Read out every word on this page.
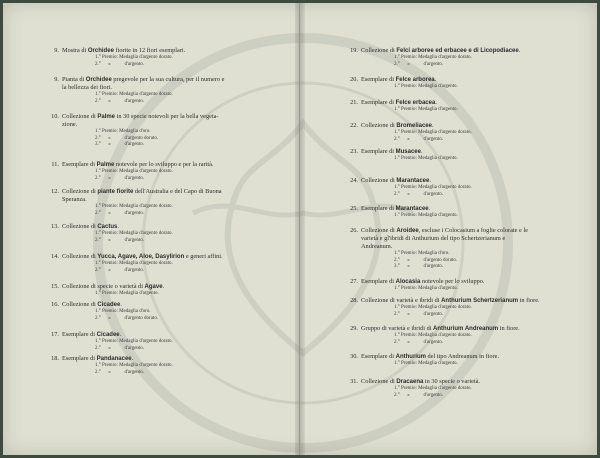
9. Mostra di Orchidee fiorite in 12 fiori esemplari.
1.° Premio: Medaglia d'argento dorato.
2.°      »           d'argento.
9. Pianta di Orchidee pregevole per la sua cultura, per il numero e
la bellezza dei fiori.
1.° Premio: Medaglia d'argento dorato.
2.°      »           d'argento.
10. Collezione di Palme in 30 specie notevoli per la bella vegeta-
zione.
1.° Premio: Medaglia d'oro.
2.°      »           d'argento dorato.
3.°      »           d'argento.
11. Esemplare di Palme notevole per lo sviluppo e per la rarità.
1.° Premio: Medaglia d'argento dorato.
2.°      »           d'argento.
12. Collezione di piante fiorite dell'Australia e del Capo di Buona
Speranza.
1.° Premio: Medaglia d'argento dorato.
2.°      »           d'argento.
13. Collezione di Cactus.
1.° Premio: Medaglia d'argento dorato.
2.°      »           d'argento.
14. Collezione di Yucca, Agave, Aloe, Dasylirion e generi affini.
1.° Premio: Medaglia d'argento dorato.
2.°      »           d'argento.
15. Collezione di specie o varietà di Agave.
1.° Premio: Medaglia d'argento.
16. Collezione di Cicadee.
1.° Premio: Medaglia d'oro.
2.°      »           d'argento dorato.
17. Esemplare di Cicadee.
1.° Premio: Medaglia d'argento dorato.
2.°      »           d'argento.
18. Esemplare di Pandanacee.
1.° Premio: Medaglia d'argento dorato.
2.°      »           d'argento.
19. Collezione di Felci arboree ed erbacee e di Licopodiacee.
1.° Premio: Medaglia d'argento dorato.
2.°      »           d'argento.
20. Esemplare di Felce arborea.
1.° Premio: Medaglia d'argento.
21. Esemplare di Felce erbacea.
1.° Premio: Medaglia d'argento.
22. Collezione di Bromeliacee.
1.° Premio: Medaglia d'argento dorato.
2.°      »           d'argento.
23. Esemplare di Musacee.
1.° Premio: Medaglia d'argento.
24. Collezione di Marantacee.
1.° Premio: Medaglia d'argento dorato.
2.°      »           d'argento.
25. Esemplare di Marantacee.
1.° Premio: Medaglia d'argento.
26. Collezione di Aroidee, escluse i Colocasium a foglie colorate e le
varietà e gl'ibridi di Anthurium del tipo Schertzerianum e
Andreanum.
1.° Premio: Medaglia d'oro.
2.°      »           d'argento dorato.
3.°      »           d'argento.
27. Esemplare di Alocasia notevole per lo sviluppo.
1.° Premio: Medaglia d'argento.
28. Collezione di varietà e ibridi di Anthurium Schertzerianum in fiore.
1.° Premio: Medaglia d'argento dorato.
2.°      »           d'argento.
29. Gruppo di varietà e ibridi di Anthurium Andreanum in fiore.
1.° Premio: Medaglia d'argento dorato.
2.°      »           d'argento.
30. Esemplare di Anthurium del tipo Andreanum in fiore.
1.° Premio: Medaglia d'argento.
31. Collezione di Dracaena in 30 specie o varietà.
1.° Premio: Medaglia d'argento dorato.
2.°      »           d'argento.
